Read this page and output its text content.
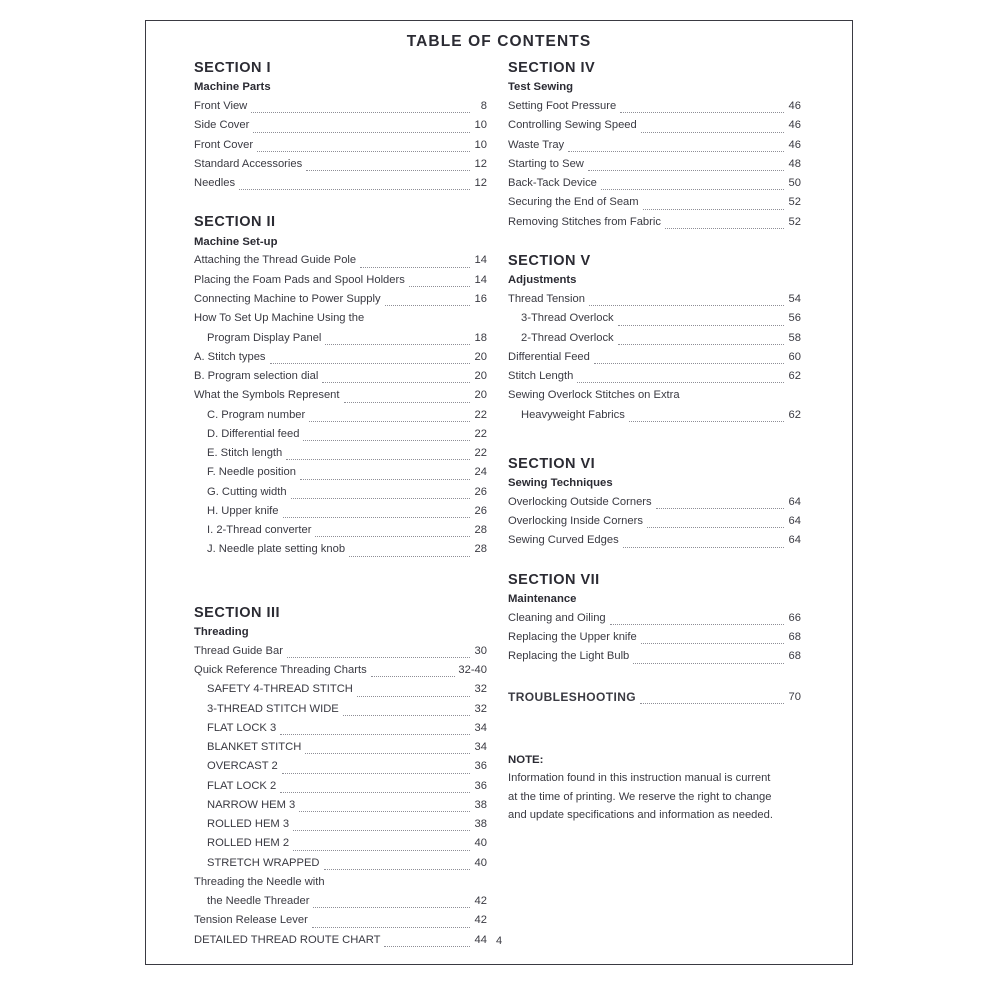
TABLE OF CONTENTS
SECTION I
Machine Parts
Front View	8
Side Cover	10
Front Cover	10
Standard Accessories	12
Needles	12
SECTION II
Machine Set-up
Attaching the Thread Guide Pole	14
Placing the Foam Pads and Spool Holders	14
Connecting Machine to Power Supply	16
How To Set Up Machine Using the
Program Display Panel	18
A. Stitch types	20
B. Program selection dial	20
What the Symbols Represent	20
C. Program number	22
D. Differential feed	22
E. Stitch length	22
F. Needle position	24
G. Cutting width	26
H. Upper knife	26
I. 2-Thread converter	28
J. Needle plate setting knob	28
SECTION III
Threading
Thread Guide Bar	30
Quick Reference Threading Charts	32-40
SAFETY 4-THREAD STITCH	32
3-THREAD STITCH WIDE	32
FLAT LOCK 3	34
BLANKET STITCH	34
OVERCAST 2	36
FLAT LOCK 2	36
NARROW HEM 3	38
ROLLED HEM 3	38
ROLLED HEM 2	40
STRETCH WRAPPED	40
Threading the Needle with
the Needle Threader	42
Tension Release Lever	42
DETAILED THREAD ROUTE CHART	44
SECTION IV
Test Sewing
Setting Foot Pressure	46
Controlling Sewing Speed	46
Waste Tray	46
Starting to Sew	48
Back-Tack Device	50
Securing the End of Seam	52
Removing Stitches from Fabric	52
SECTION V
Adjustments
Thread Tension	54
3-Thread Overlock	56
2-Thread Overlock	58
Differential Feed	60
Stitch Length	62
Sewing Overlock Stitches on Extra
Heavyweight Fabrics	62
SECTION VI
Sewing Techniques
Overlocking Outside Corners	64
Overlocking Inside Corners	64
Sewing Curved Edges	64
SECTION VII
Maintenance
Cleaning and Oiling	66
Replacing the Upper knife	68
Replacing the Light Bulb	68
TROUBLESHOOTING	70
NOTE:
Information found in this instruction manual is current
at the time of printing. We reserve the right to change
and update specifications and information as needed.
4
